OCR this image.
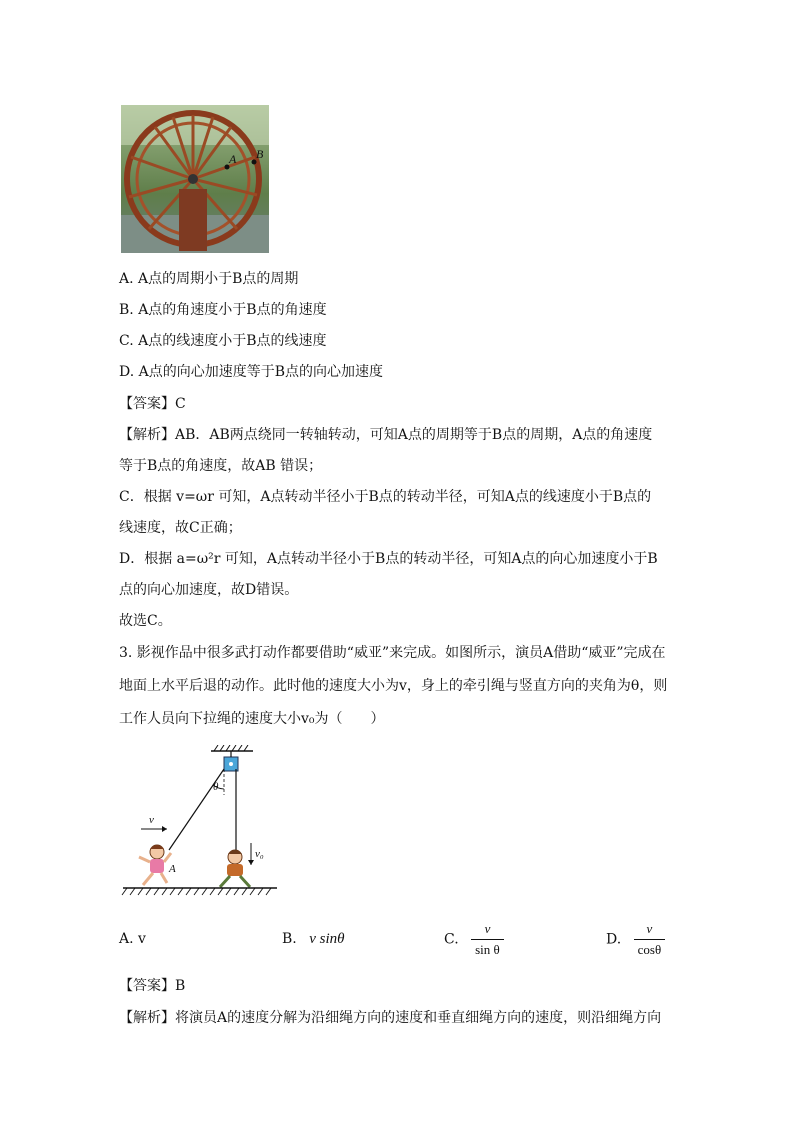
A B
A. A点的周期小于B点的周期
B. A点的角速度小于B点的角速度
C. A点的线速度小于B点的线速度
D. A点的向心加速度等于B点的向心加速度
【答案】C
【解析】AB．AB两点绕同一转轴转动，可知A点的周期等于B点的周期，A点的角速度
等于B点的角速度，故AB 错误；
C．根据 v=ωr 可知，A点转动半径小于B点的转动半径，可知A点的线速度小于B点的
线速度，故C正确；
D．根据 a=ω²r 可知，A点转动半径小于B点的转动半径，可知A点的向心加速度小于B
点的向心加速度，故D错误。
故选C。
3. 影视作品中很多武打动作都要借助“威亚”来完成。如图所示，演员A借助“威亚”完成在
地面上水平后退的动作。此时他的速度大小为v，身上的牵引绳与竖直方向的夹角为θ，则
工作人员向下拉绳的速度大小v₀为（　　）
θ
v
A
v₀
A. v	B. v sinθ	C. $\frac{v}{\text{sin θ}}$	D. $\frac{v}{\cos\theta}$
【答案】B
【解析】将演员A的速度分解为沿细绳方向的速度和垂直细绳方向的速度，则沿细绳方向
